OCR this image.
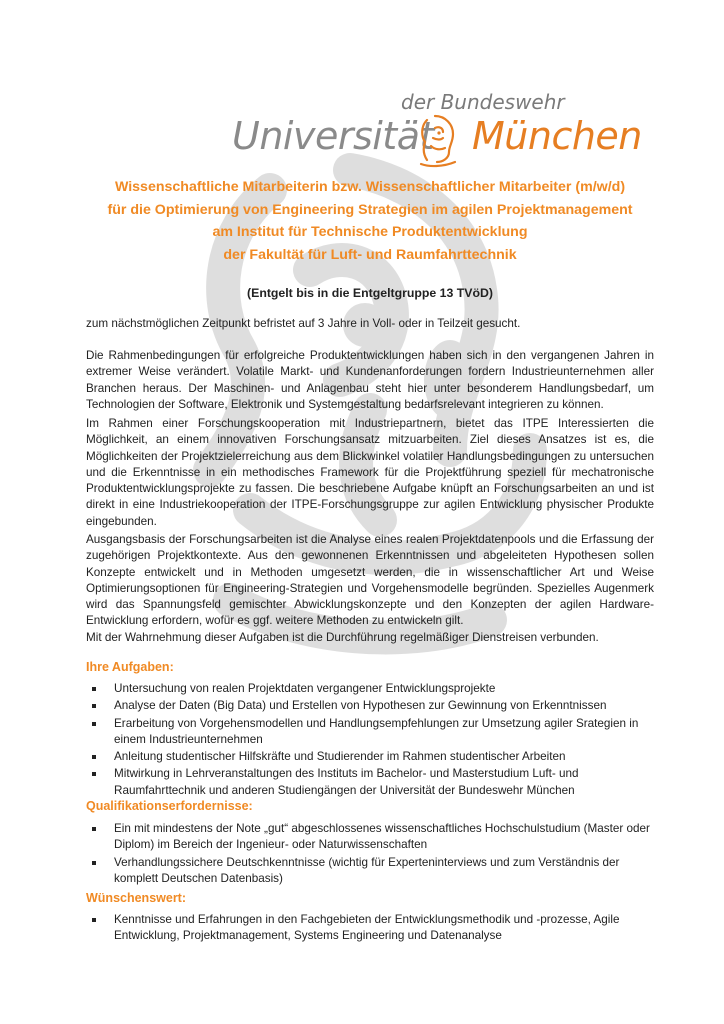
der Bundeswehr
Universität München
Wissenschaftliche Mitarbeiterin bzw. Wissenschaftlicher Mitarbeiter (m/w/d)
für die Optimierung von Engineering Strategien im agilen Projektmanagement
am Institut für Technische Produktentwicklung
der Fakultät für Luft- und Raumfahrttechnik
(Entgelt bis in die Entgeltgruppe 13 TVöD)
zum nächstmöglichen Zeitpunkt befristet auf 3 Jahre in Voll- oder in Teilzeit gesucht.
Die Rahmenbedingungen für erfolgreiche Produktentwicklungen haben sich in den vergangenen Jahren in extremer Weise verändert. Volatile Markt- und Kundenanforderungen fordern Industrieunternehmen aller Branchen heraus. Der Maschinen- und Anlagenbau steht hier unter besonderem Handlungsbedarf, um Technologien der Software, Elektronik und Systemgestaltung bedarfsrelevant integrieren zu können.
Im Rahmen einer Forschungskooperation mit Industriepartnern, bietet das ITPE Interessierten die Möglichkeit, an einem innovativen Forschungsansatz mitzuarbeiten. Ziel dieses Ansatzes ist es, die Möglichkeiten der Projektzielerreichung aus dem Blickwinkel volatiler Handlungsbedingungen zu untersuchen und die Erkenntnisse in ein methodisches Framework für die Projektführung speziell für mechatronische Produktentwicklungsprojekte zu fassen. Die beschriebene Aufgabe knüpft an Forschungsarbeiten an und ist direkt in eine Industriekooperation der ITPE-Forschungsgruppe zur agilen Entwicklung physischer Produkte eingebunden.
Ausgangsbasis der Forschungsarbeiten ist die Analyse eines realen Projektdatenpools und die Erfassung der zugehörigen Projektkontexte. Aus den gewonnenen Erkenntnissen und abgeleiteten Hypothesen sollen Konzepte entwickelt und in Methoden umgesetzt werden, die in wissenschaftlicher Art und Weise Optimierungsoptionen für Engineering-Strategien und Vorgehensmodelle begründen. Spezielles Augenmerk wird das Spannungsfeld gemischter Abwicklungskonzepte und den Konzepten der agilen Hardware-Entwicklung erfordern, wofür es ggf. weitere Methoden zu entwickeln gilt.
Mit der Wahrnehmung dieser Aufgaben ist die Durchführung regelmäßiger Dienstreisen verbunden.
Ihre Aufgaben:
Untersuchung von realen Projektdaten vergangener Entwicklungsprojekte
Analyse der Daten (Big Data) und Erstellen von Hypothesen zur Gewinnung von Erkenntnissen
Erarbeitung von Vorgehensmodellen und Handlungsempfehlungen zur Umsetzung agiler Srategien in einem Industrieunternehmen
Anleitung studentischer Hilfskräfte und Studierender im Rahmen studentischer Arbeiten
Mitwirkung in Lehrveranstaltungen des Instituts im Bachelor- und Masterstudium Luft- und Raumfahrttechnik und anderen Studiengängen der Universität der Bundeswehr München
Qualifikationserfordernisse:
Ein mit mindestens der Note „gut“ abgeschlossenes wissenschaftliches Hochschulstudium (Master oder Diplom) im Bereich der Ingenieur- oder Naturwissenschaften
Verhandlungssichere Deutschkenntnisse (wichtig für Experteninterviews und zum Verständnis der komplett Deutschen Datenbasis)
Wünschenswert:
Kenntnisse und Erfahrungen in den Fachgebieten der Entwicklungsmethodik und -prozesse, Agile Entwicklung, Projektmanagement, Systems Engineering und Datenanalyse
